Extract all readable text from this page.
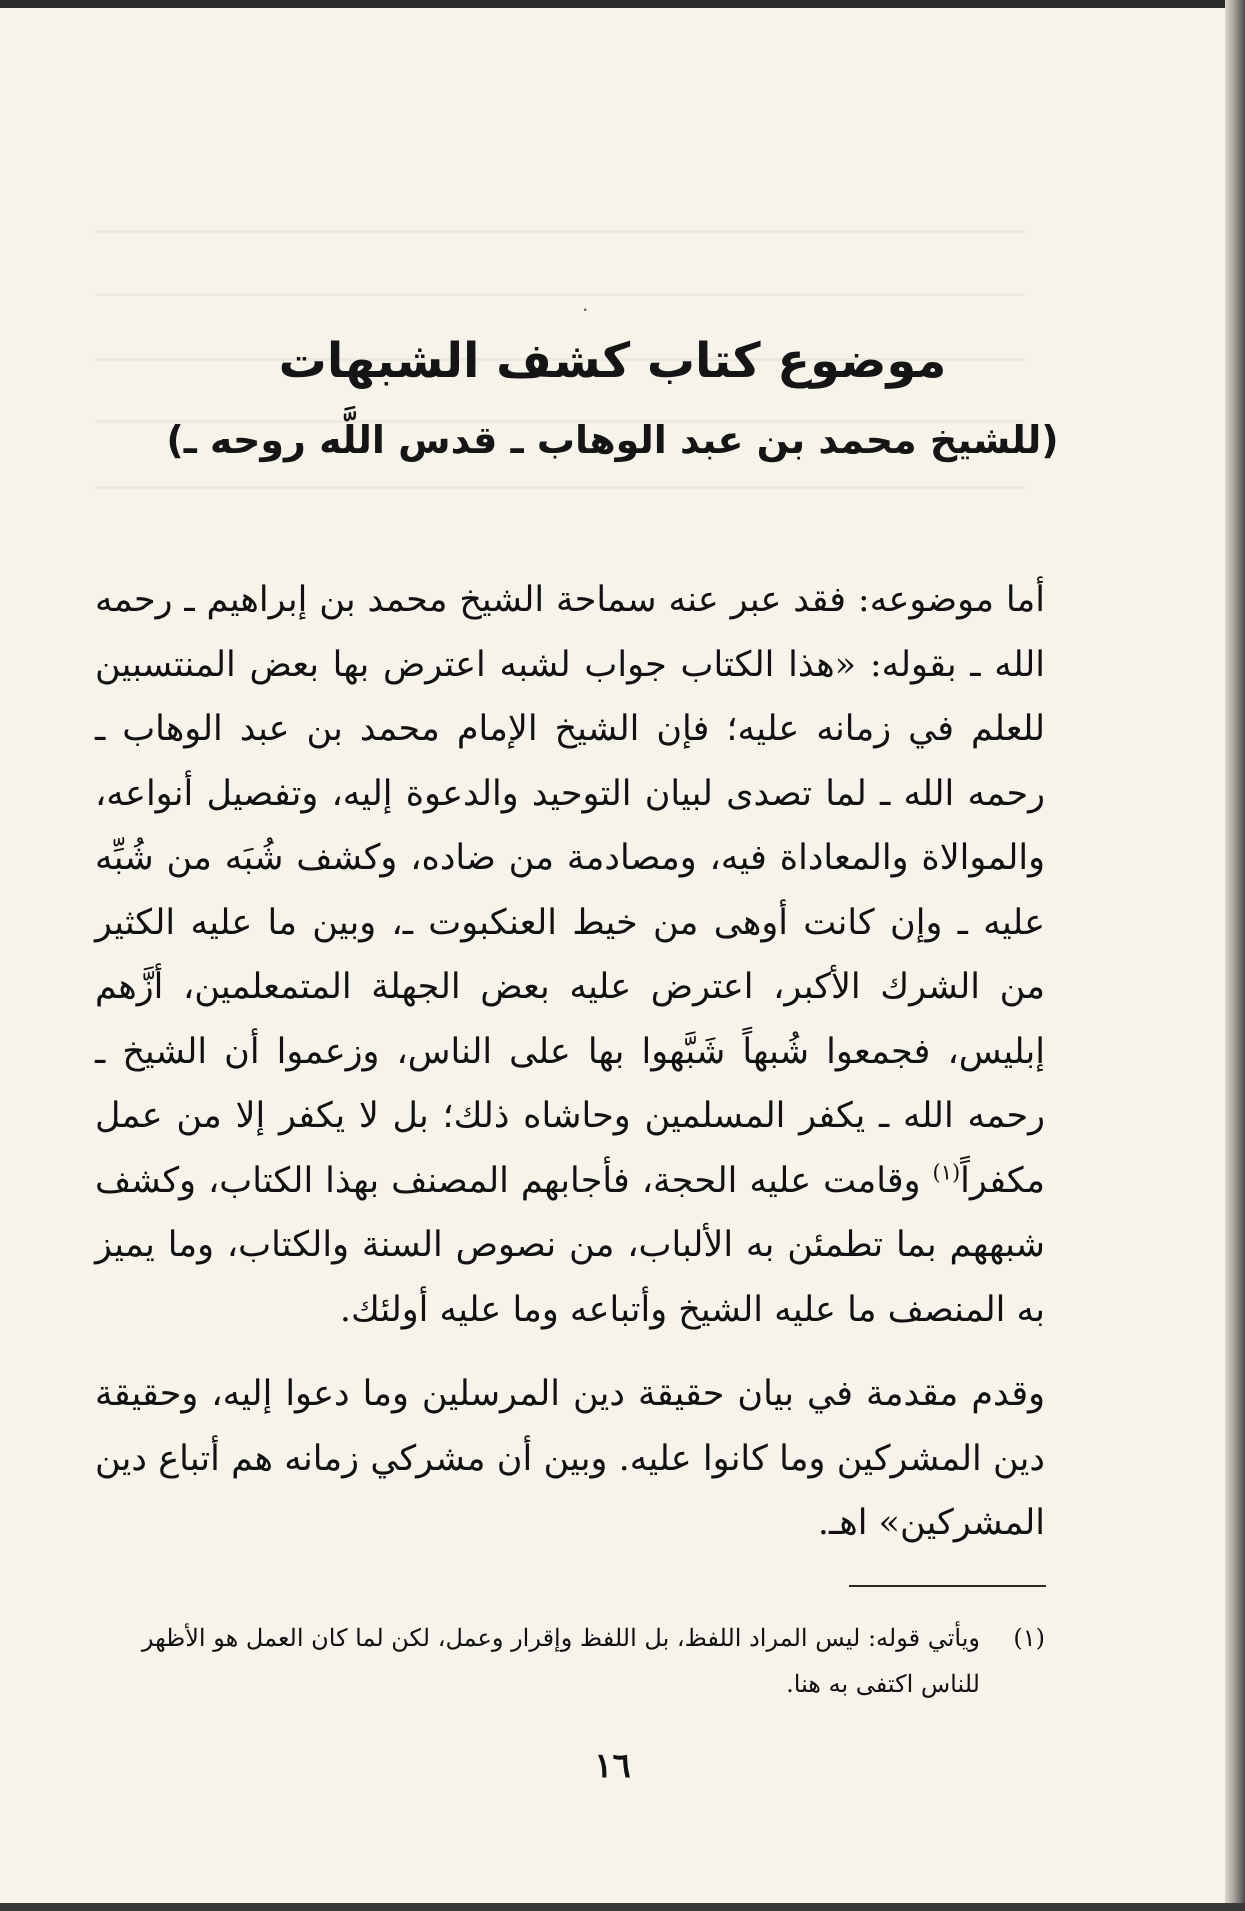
·
موضوع كتاب كشف الشبهات
(للشيخ محمد بن عبد الوهاب ـ قدس اللَّه روحه ـ)

أما موضوعه: فقد عبر عنه سماحة الشيخ محمد بن إبراهيم ـ رحمه الله ـ بقوله: «هذا الكتاب جواب لشبه اعترض بها بعض المنتسبين للعلم في زمانه عليه؛ فإن الشيخ الإمام محمد بن عبد الوهاب ـ رحمه الله ـ لما تصدى لبيان التوحيد والدعوة إليه، وتفصيل أنواعه، والموالاة والمعاداة فيه، ومصادمة من ضاده، وكشف شُبَه من شُبِّه عليه ـ وإن كانت أوهى من خيط العنكبوت ـ، وبين ما عليه الكثير من الشرك الأكبر، اعترض عليه بعض الجهلة المتمعلمين، أزَّهم إبليس، فجمعوا شُبهاً شَبَّهوا بها على الناس، وزعموا أن الشيخ ـ رحمه الله ـ يكفر المسلمين وحاشاه ذلك؛ بل لا يكفر إلا من عمل مكفراً$^{(١)}$ وقامت عليه الحجة، فأجابهم المصنف بهذا الكتاب، وكشف شبههم بما تطمئن به الألباب، من نصوص السنة والكتاب، وما يميز به المنصف ما عليه الشيخ وأتباعه وما عليه أولئك.

وقدم مقدمة في بيان حقيقة دين المرسلين وما دعوا إليه، وحقيقة دين المشركين وما كانوا عليه. وبين أن مشركي زمانه هم أتباع دين المشركين» اهـ.

(١)
ويأتي قوله: ليس المراد اللفظ، بل اللفظ وإقرار وعمل، لكن لما كان العمل هو الأظهر للناس اكتفى به هنا.
١٦
